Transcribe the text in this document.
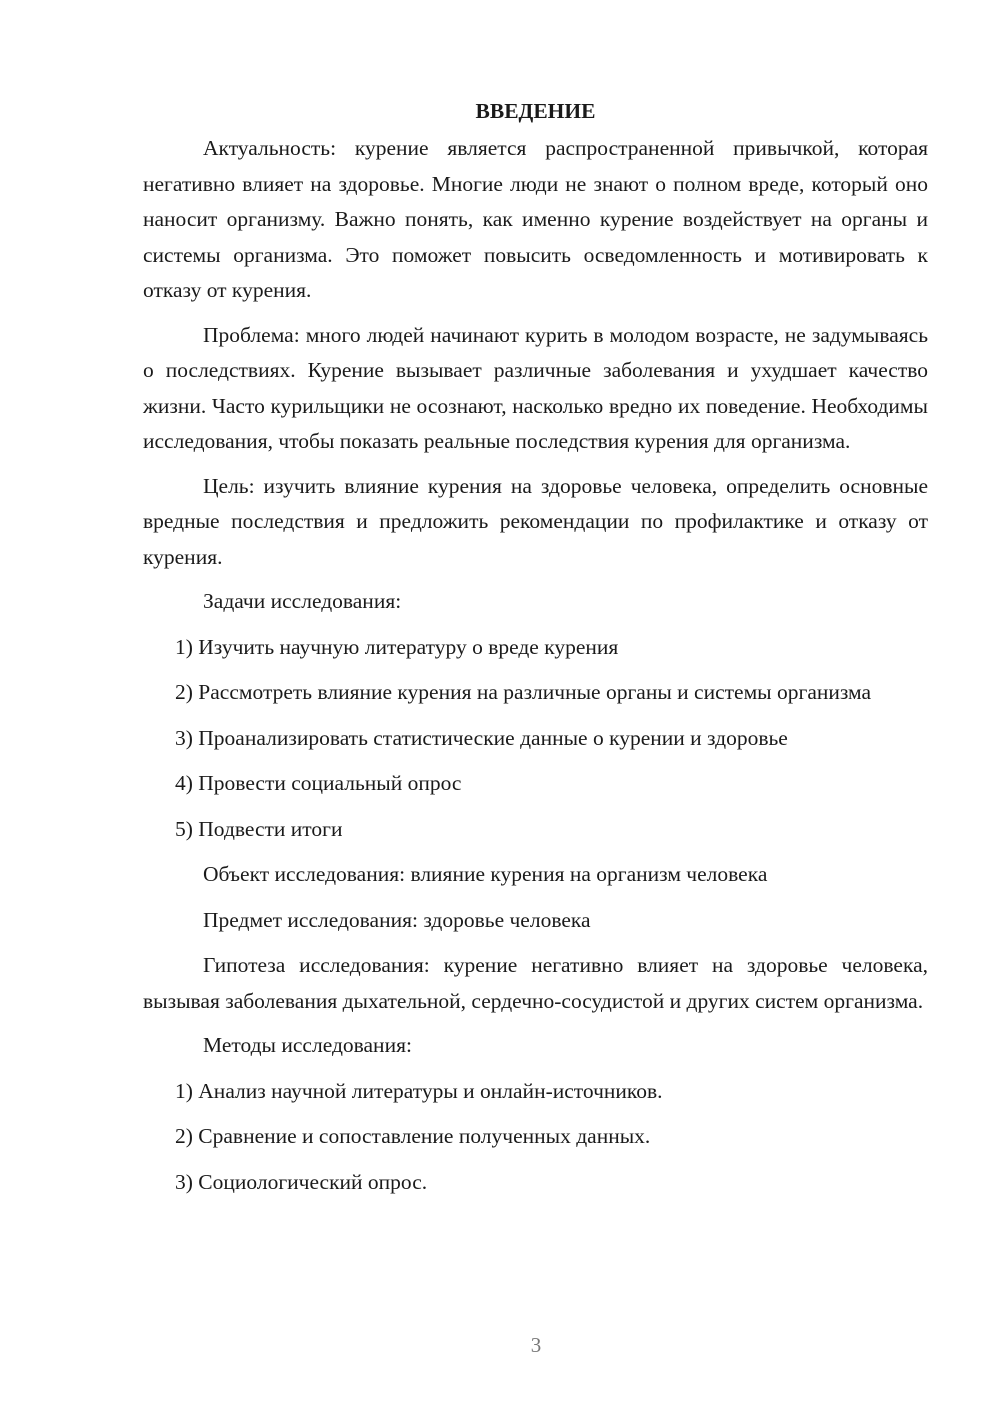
ВВЕДЕНИЕ

Актуальность: курение является распространенной привычкой, которая негативно влияет на здоровье. Многие люди не знают о полном вреде, который оно наносит организму. Важно понять, как именно курение воздействует на органы и системы организма. Это поможет повысить осведомленность и мотивировать к отказу от курения.

Проблема: много людей начинают курить в молодом возрасте, не задумываясь о последствиях. Курение вызывает различные заболевания и ухудшает качество жизни. Часто курильщики не осознают, насколько вредно их поведение. Необходимы исследования, чтобы показать реальные последствия курения для организма.

Цель: изучить влияние курения на здоровье человека, определить основные вредные последствия и предложить рекомендации по профилактике и отказу от курения.

Задачи исследования:

1) Изучить научную литературу о вреде курения

2) Рассмотреть влияние курения на различные органы и системы организма

3) Проанализировать статистические данные о курении и здоровье

4) Провести социальный опрос

5) Подвести итоги

Объект исследования: влияние курения на организм человека

Предмет исследования: здоровье человека

Гипотеза исследования: курение негативно влияет на здоровье человека, вызывая заболевания дыхательной, сердечно-сосудистой и других систем организма.

Методы исследования:

1) Анализ научной литературы и онлайн-источников.

2) Сравнение и сопоставление полученных данных.

3) Социологический опрос.

3
